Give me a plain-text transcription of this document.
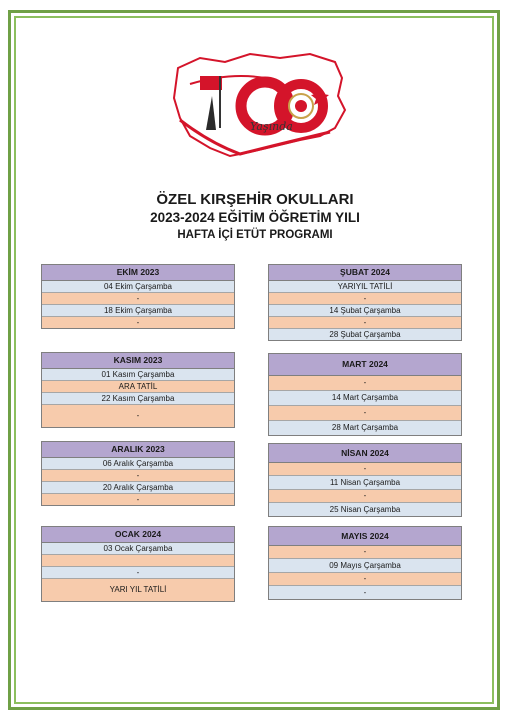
Yaşında
ÖZEL KIRŞEHİR OKULLARI
2023-2024 EĞİTİM ÖĞRETİM YILI
HAFTA İÇİ ETÜT PROGRAMI
EKİM 2023
04 Ekim Çarşamba
-
18 Ekim Çarşamba
-
KASIM 2023
01 Kasım Çarşamba
ARA TATİL
22 Kasım Çarşamba
-
ARALIK 2023
06 Aralık Çarşamba
-
20 Aralık Çarşamba
-
OCAK 2024
03 Ocak Çarşamba
-
YARI YIL TATİLİ
ŞUBAT 2024
YARIYIL TATİLİ
-
14 Şubat Çarşamba
-
28 Şubat Çarşamba
MART 2024
-
14 Mart Çarşamba
-
28 Mart Çarşamba
NİSAN 2024
-
11 Nisan Çarşamba
-
25 Nisan Çarşamba
MAYIS 2024
-
09 Mayıs Çarşamba
-
-
